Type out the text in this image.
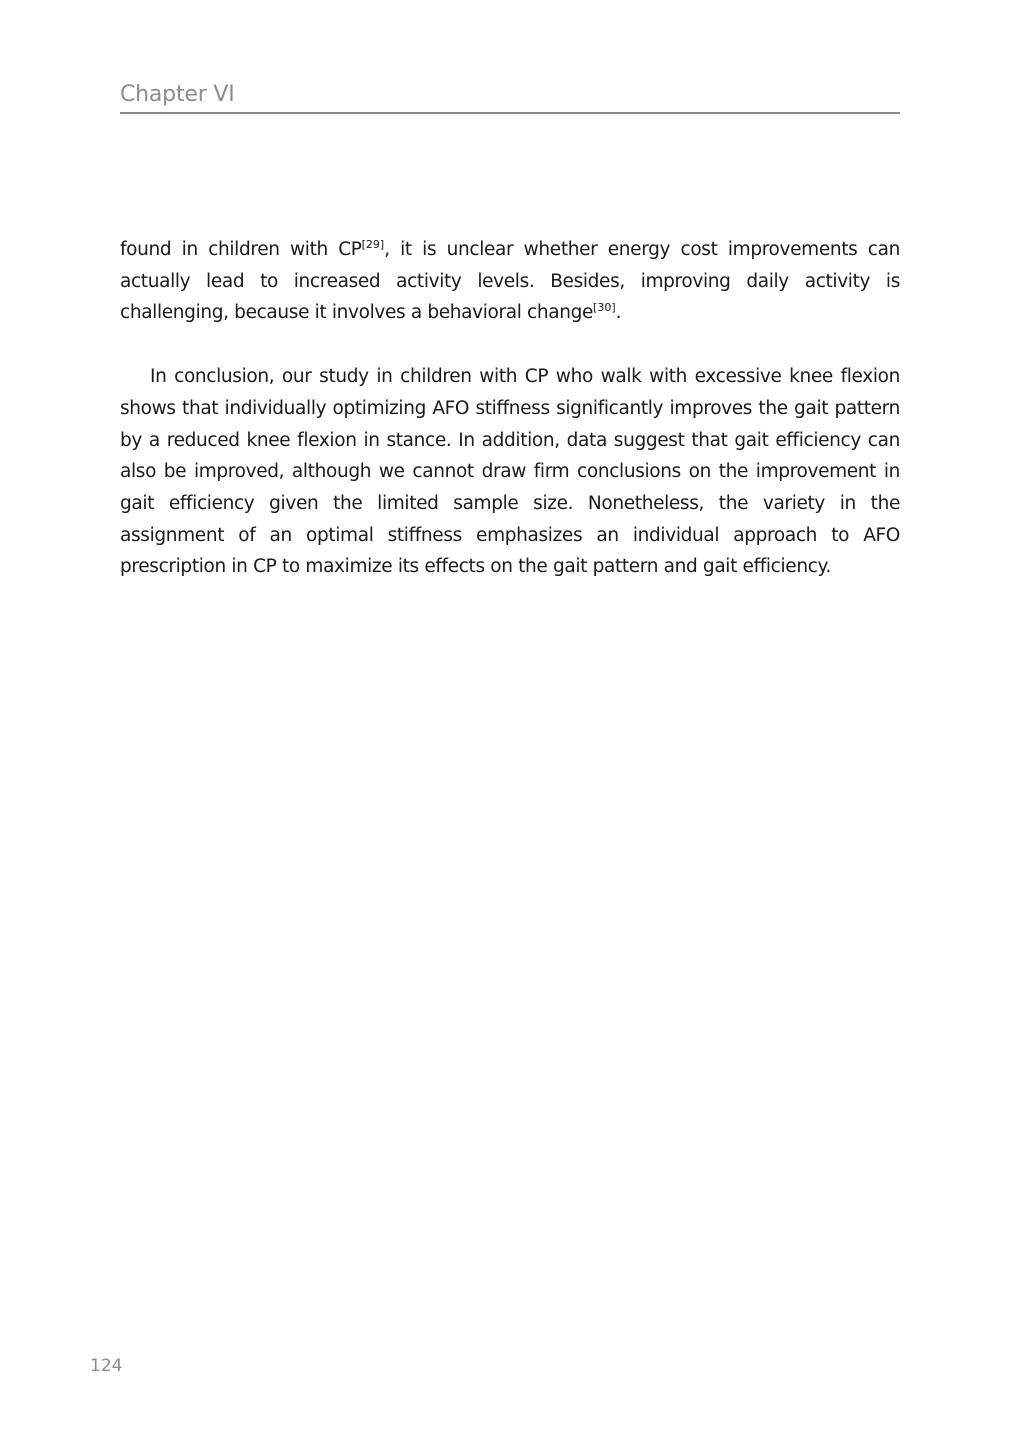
Chapter VI

found in children with CP[29], it is unclear whether energy cost improvements can actually lead to increased activity levels. Besides, improving daily activity is challenging, because it involves a behavioral change[30].

In conclusion, our study in children with CP who walk with excessive knee flexion shows that individually optimizing AFO stiffness significantly improves the gait pattern by a reduced knee flexion in stance. In addition, data suggest that gait efficiency can also be improved, although we cannot draw firm conclusions on the improvement in gait efficiency given the limited sample size. Nonetheless, the variety in the assignment of an optimal stiffness emphasizes an individual approach to AFO prescription in CP to maximize its effects on the gait pattern and gait efficiency.

124
